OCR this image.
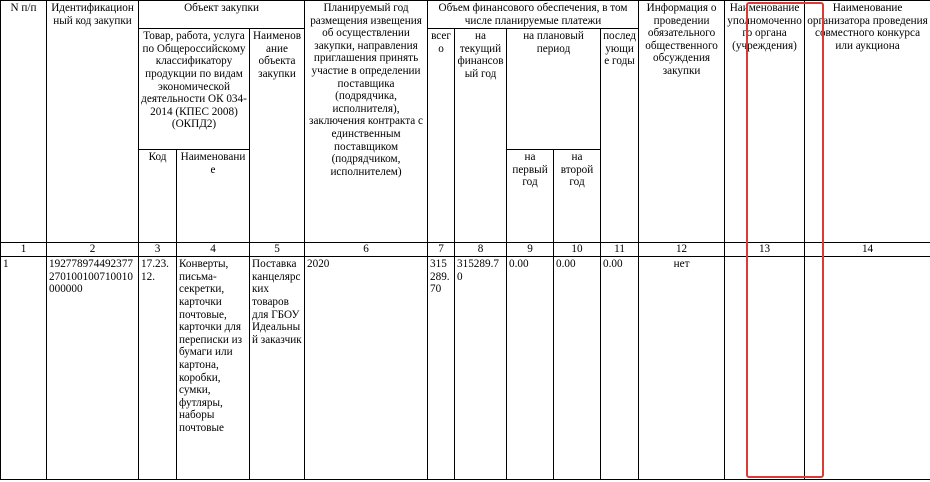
N п/п	Идентификационный код закупки	Объект закупки			Планируемый год размещения извещения об осуществлении закупки, направления приглашения принять участие в определении поставщика (подрядчика, исполнителя), заключения контракта с единственным поставщиком (подрядчиком, исполнителем)	Объем финансового обеспечения, в том числе планируемые платежи					Информация о проведении обязательного общественного обсуждения закупки	Наименование уполномоченного органа (учреждения)	Наименование организатора проведения совместного конкурса или аукциона
		Товар, работа, услуга по Общероссийскому классификатору продукции по видам экономической деятельности ОК 034-2014 (КПЕС 2008) (ОКПД2)		Наименование объекта закупки		всего	на текущий финансовый год	на плановый период		последующие годы			
		Код	Наименование										
								на первый год	на второй год				
1	2	3	4	5	6	7	8	9	10	11	12	13	14
1	192778974492377270100100710010000000	17.23.12.	Конверты, письма-секретки, карточки почтовые, карточки для переписки из бумаги или картона, коробки, сумки, футляры, наборы почтовые	Поставка канцелярских товаров для ГБОУ Идеальный заказчик	2020	315289.70	315289.70	0.00	0.00	0.00	нет		
